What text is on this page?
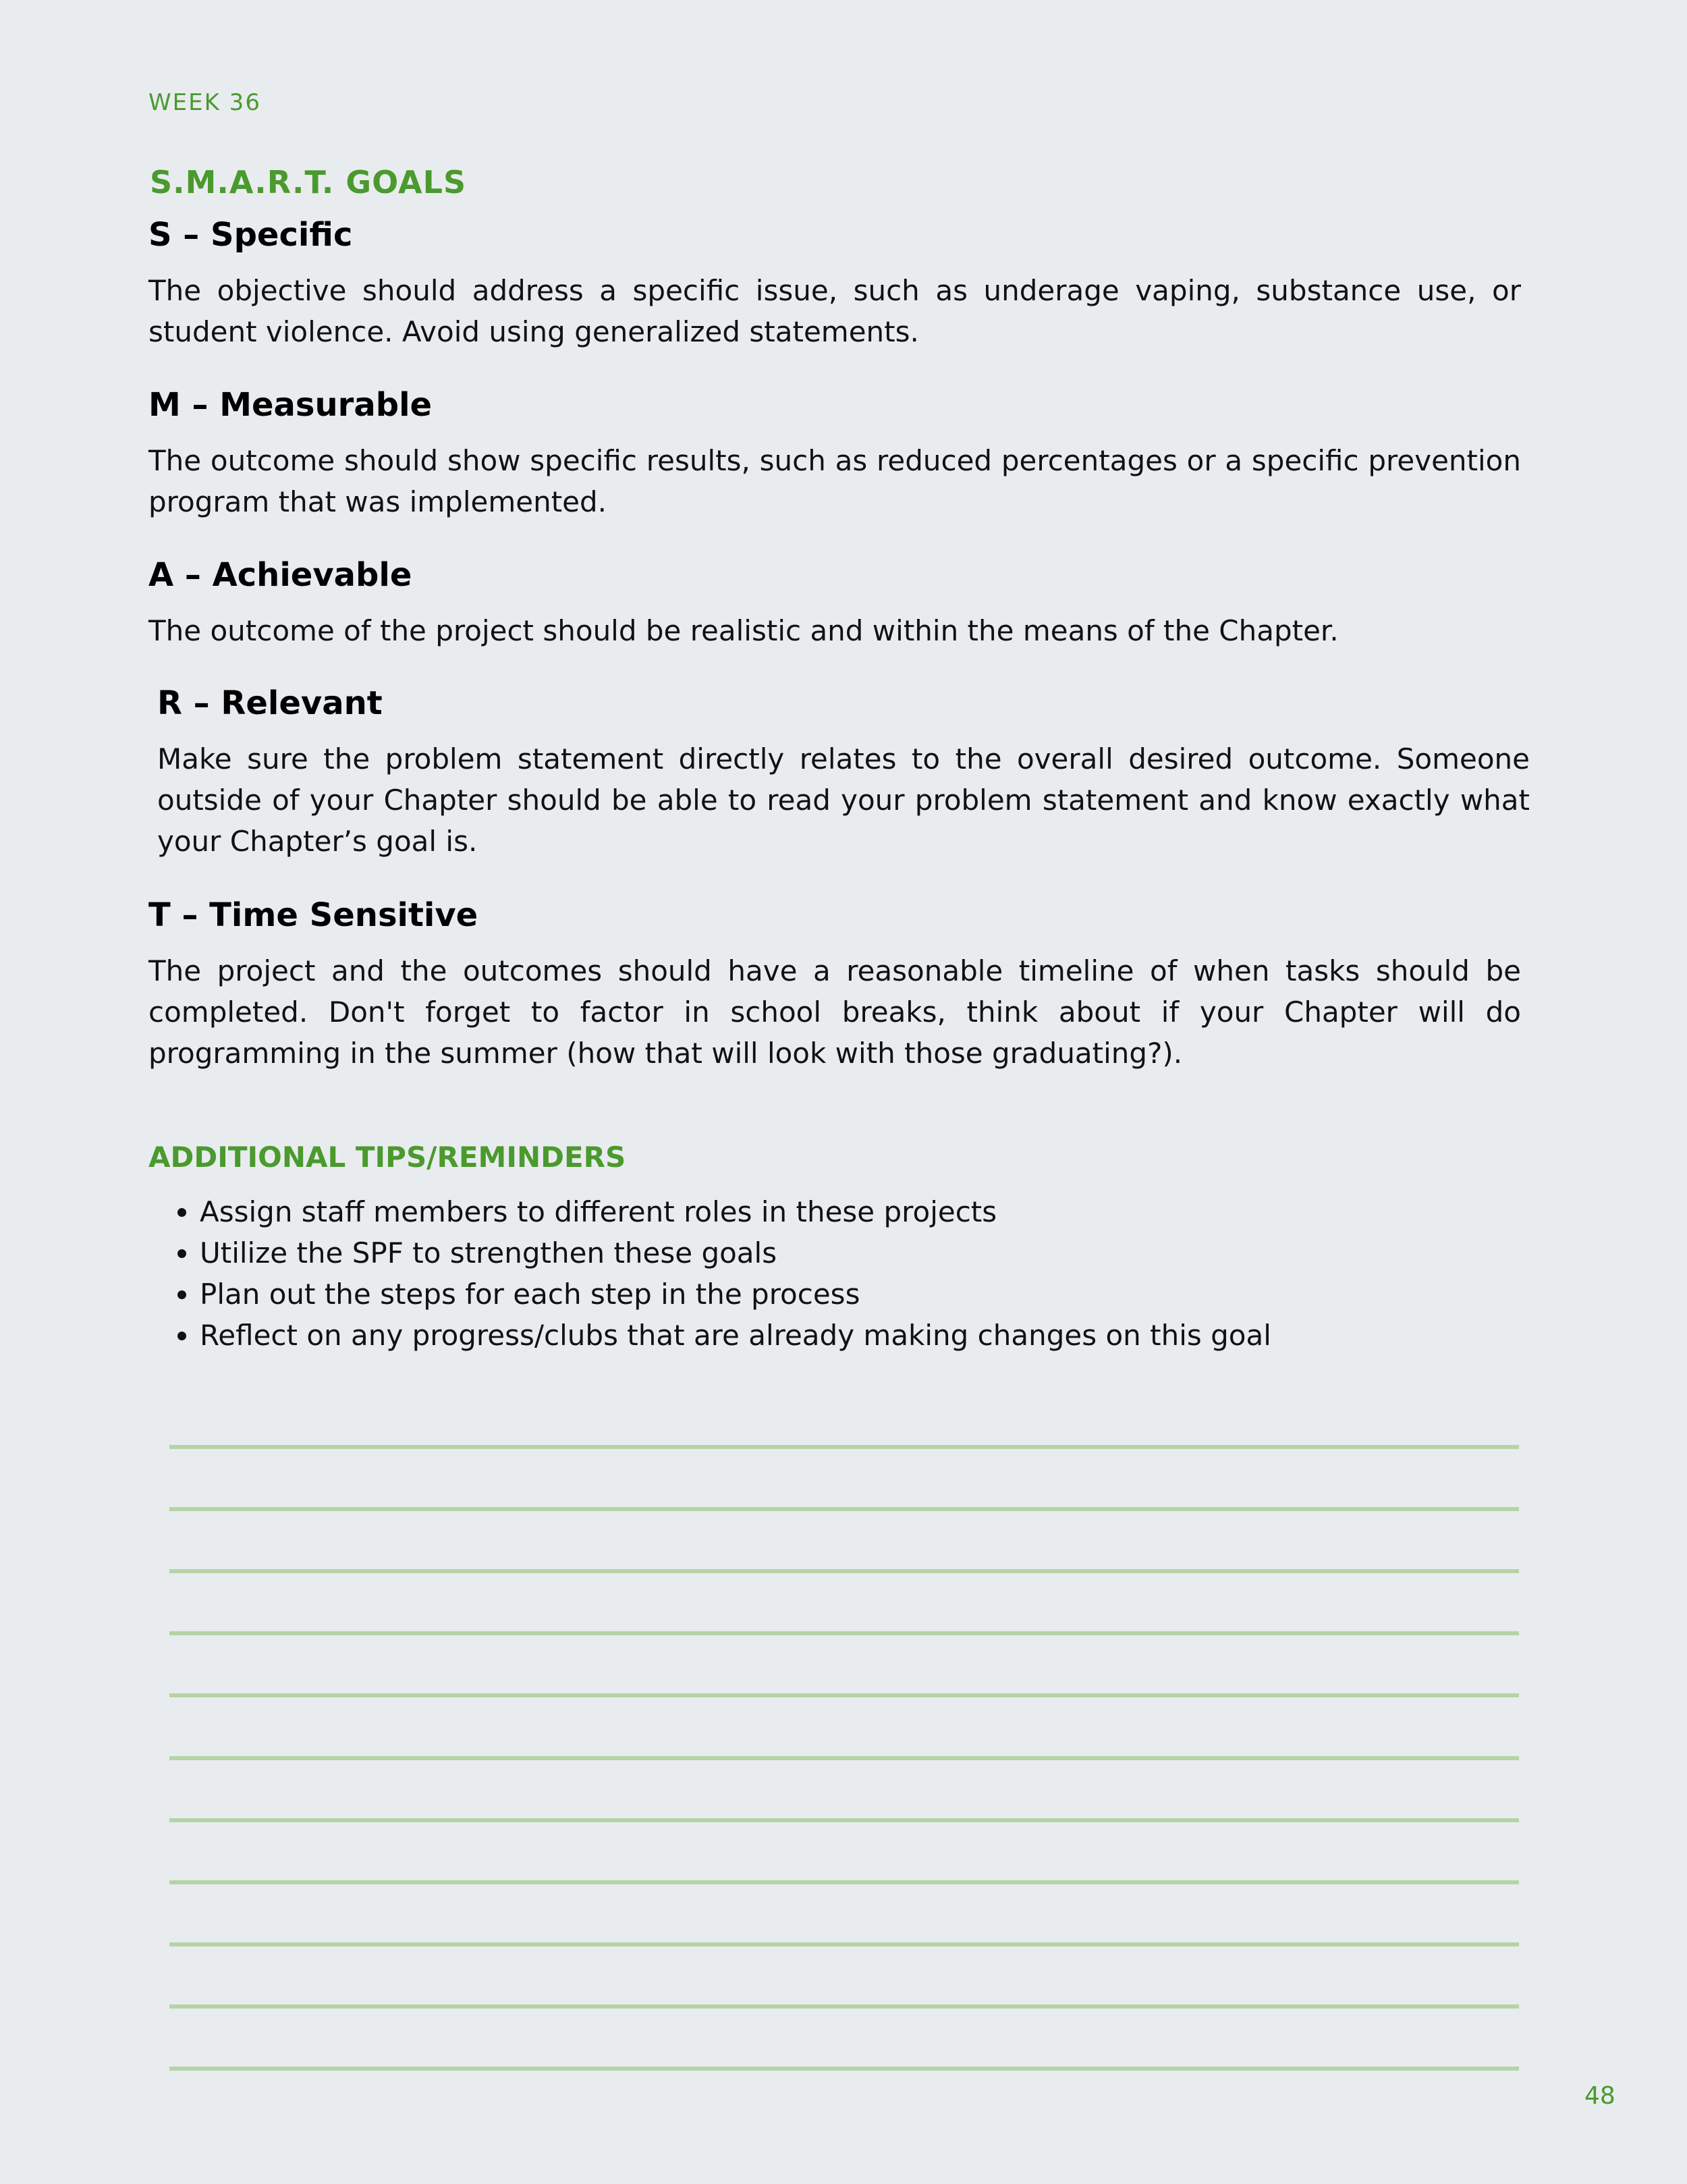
WEEK 36
S.M.A.R.T. GOALS
S – Specific

The objective should address a specific issue, such as underage vaping, substance use, or student violence. Avoid using generalized statements.

M – Measurable

The outcome should show specific results, such as reduced percentages or a specific prevention program that was implemented.

A – Achievable

The outcome of the project should be realistic and within the means of the Chapter.

R – Relevant

Make sure the problem statement directly relates to the overall desired outcome. Someone outside of your Chapter should be able to read your problem statement and know exactly what your Chapter’s goal is.

T – Time Sensitive

The project and the outcomes should have a reasonable timeline of when tasks should be completed. Don't forget to factor in school breaks, think about if your Chapter will do programming in the summer (how that will look with those graduating?).

ADDITIONAL TIPS/REMINDERS
• Assign staff members to different roles in these projects
• Utilize the SPF to strengthen these goals
• Plan out the steps for each step in the process
• Reflect on any progress/clubs that are already making changes on this goal
48
